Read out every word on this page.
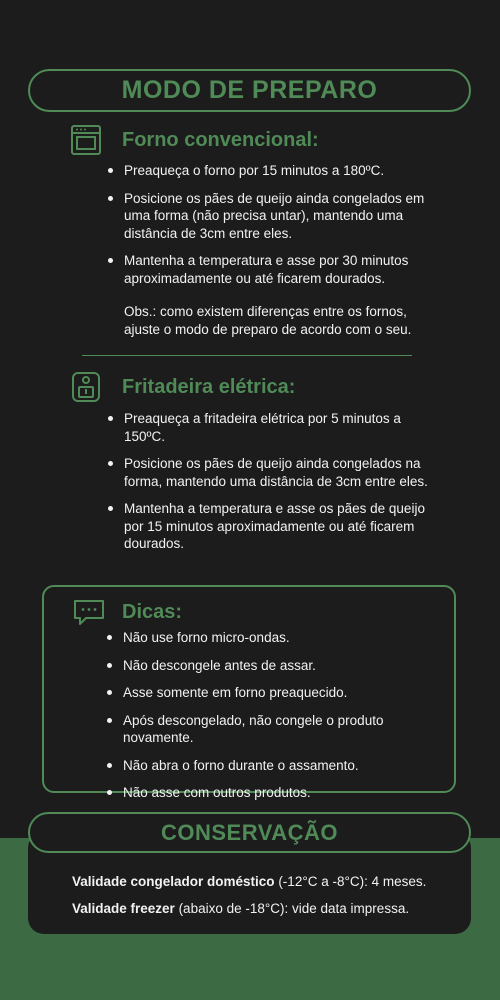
MODO DE PREPARO
Forno convencional:
Preaqueça o forno por 15 minutos a 180ºC.
Posicione os pães de queijo ainda congelados em uma forma (não precisa untar), mantendo uma distância de 3cm entre eles.
Mantenha a temperatura e asse por 30 minutos aproximadamente ou até ficarem dourados.
Obs.: como existem diferenças entre os fornos, ajuste o modo de preparo de acordo com o seu.
Fritadeira elétrica:
Preaqueça a fritadeira elétrica por 5 minutos a 150ºC.
Posicione os pães de queijo ainda congelados na forma, mantendo uma distância de 3cm entre eles.
Mantenha a temperatura e asse os pães de queijo por 15 minutos aproximadamente ou até ficarem dourados.
Dicas:
Não use forno micro-ondas.
Não descongele antes de assar.
Asse somente em forno preaquecido.
Após descongelado, não congele o produto novamente.
Não abra o forno durante o assamento.
Não asse com outros produtos.
CONSERVAÇÃO
Validade congelador doméstico (-12°C a -8°C): 4 meses.
Validade freezer (abaixo de -18°C): vide data impressa.
